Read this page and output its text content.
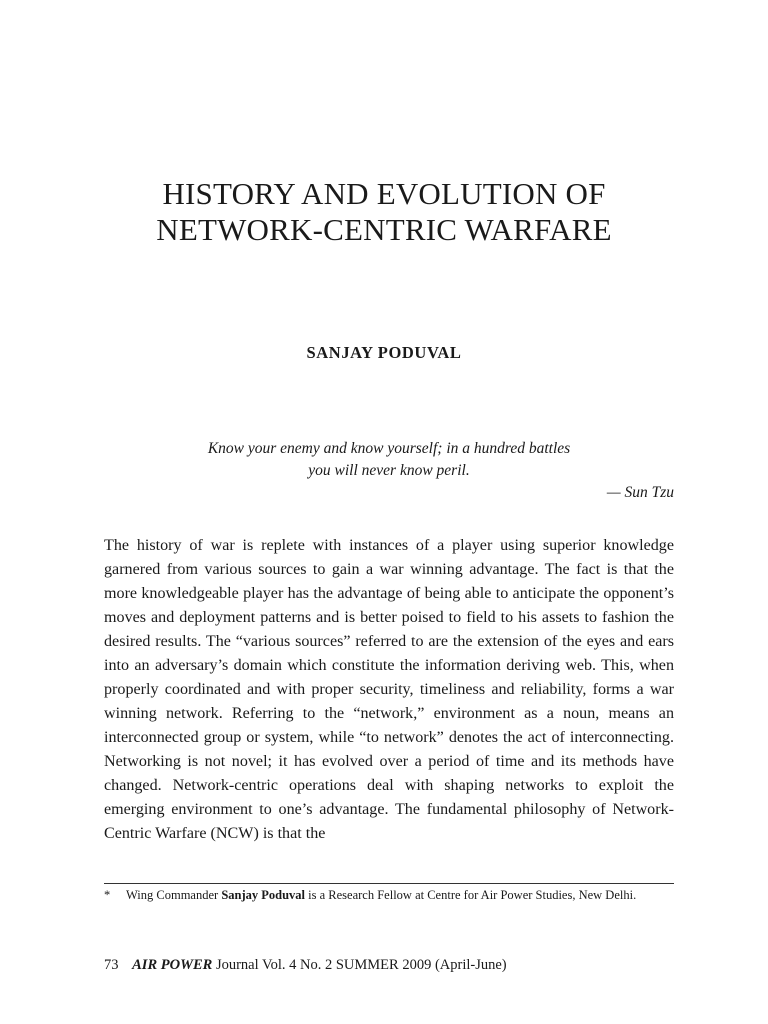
HISTORY AND EVOLUTION OF
NETWORK-CENTRIC WARFARE
SANJAY PODUVAL
Know your enemy and know yourself; in a hundred battles
you will never know peril.
— Sun Tzu

The history of war is replete with instances of a player using superior knowledge garnered from various sources to gain a war winning advantage. The fact is that the more knowledgeable player has the advantage of being able to anticipate the opponent’s moves and deployment patterns and is better poised to field to his assets to fashion the desired results. The “various sources” referred to are the extension of the eyes and ears into an adversary’s domain which constitute the information deriving web. This, when properly coordinated and with proper security, timeliness and reliability, forms a war winning network. Referring to the “network,” environment as a noun, means an interconnected group or system, while “to network” denotes the act of interconnecting. Networking is not novel; it has evolved over a period of time and its methods have changed. Network-centric operations deal with shaping networks to exploit the emerging environment to one’s advantage. The fundamental philosophy of Network-Centric Warfare (NCW) is that the

*	Wing Commander Sanjay Poduval is a Research Fellow at Centre for Air Power Studies, New Delhi.
73 AIR POWER Journal Vol. 4 No. 2 SUMMER 2009 (April-June)
